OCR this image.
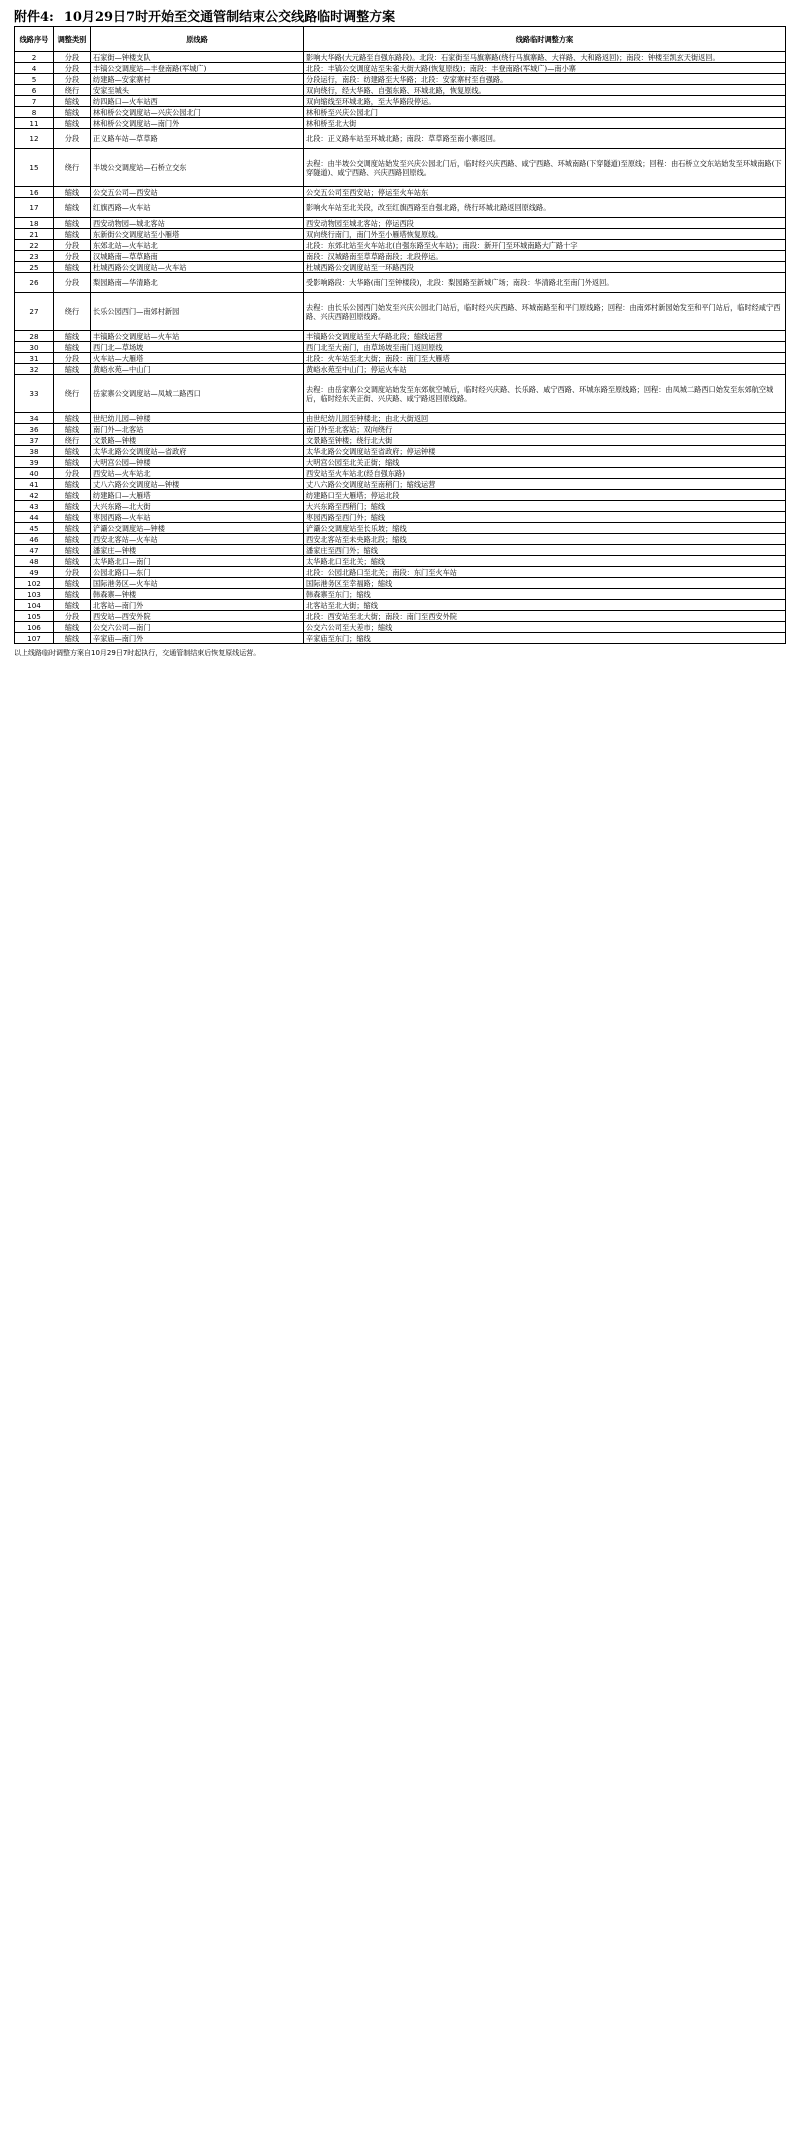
附件4: 10月29日7时开始至交通管制结束公交线路临时调整方案
线路序号	调整类别	原线路	线路临时调整方案
2	分段	石家街—钟楼支队	影响大华路(大元路至自强东路段)。北段：石家街至马旗寨路(绕行马旗寨路、大祥路、大和路返回)；南段：钟楼至凯玄天街返回。
4	分段	丰镐公交调度站—丰登南路(军城广)	北段：丰镐公交调度站至朱雀大街大路(恢复原线)；南段：丰登南路(军城广)—南小寨
5	分段	纺建路—安家寨村	分段运行，南段：纺建路至大华路；北段：安家寨村至自强路。
6	绕行	安家至城头	双向绕行，经大华路、自强东路、环城北路，恢复原线。
7	缩线	纺四路口—火车站西	双向缩线至环城北路，至大华路段停运。
8	缩线	林和桥公交调度站—兴庆公园北门	林和桥至兴庆公园北门
11	缩线	林和桥公交调度站—南门外	林和桥至北大街
12	分段	正义路车站—草草路	北段：正义路车站至环城北路；南段：草草路至南小寨返回。
15	绕行	半坡公交调度站—石桥立交东	去程：由半坡公交调度站始发至兴庆公园北门后，临时经兴庆西路、咸宁西路、环城南路(下穿隧道)至原线；回程：由石桥立交东站始发至环城南路(下穿隧道)、咸宁西路、兴庆西路回原线。
16	缩线	公交五公司—西安站	公交五公司至西安站；停运至火车站东
17	缩线	红旗西路—火车站	影响火车站至北关段，改至红旗西路至自强北路，绕行环城北路返回原线路。
18	缩线	西安动物园—城北客站	西安动物园至城北客站；停运西段
21	缩线	东新街公交调度站至小雁塔	双向绕行南门，南门外至小雁塔恢复原线。
22	分段	东郊北站—火车站北	北段：东郊北站至火车站北(自强东路至火车站)；南段：新开门至环城南路大广路十字
23	分段	汉城路南—草草路南	南段：汉城路南至草草路南段；北段停运。
25	缩线	杜城西路公交调度站—火车站	杜城西路公交调度站至一环路西段
26	分段	梨园路南—华清路北	受影响路段：大华路(南门至钟楼段)，北段：梨园路至新城广场；南段：华清路北至南门外返回。
27	绕行	长乐公园西门—南郊村新园	去程：由长乐公园西门始发至兴庆公园北门站后，临时经兴庆西路、环城南路至和平门原线路；回程：由南郊村新园始发至和平门站后，临时经咸宁西路、兴庆西路回原线路。
28	缩线	丰镐路公交调度站—火车站	丰镐路公交调度站至大华路北段；缩线运营
30	缩线	西门北—草场坡	西门北至大南门，由草场坡至南门返回原线
31	分段	火车站—大雁塔	北段：火车站至北大街；南段：南门至大雁塔
32	缩线	黄峪水苑—中山门	黄峪水苑至中山门；停运火车站
33	绕行	岳家寨公交调度站—凤城二路西口	去程：由岳家寨公交调度站始发至东郊航空城后，临时经兴庆路、长乐路、咸宁西路、环城东路至原线路；回程：由凤城二路西口始发至东郊航空城后，临时经东关正街、兴庆路、咸宁路返回原线路。
34	缩线	世纪幼儿园—钟楼	由世纪幼儿园至钟楼北；由北大街返回
36	缩线	南门外—北客站	南门外至北客站；双向绕行
37	绕行	文景路—钟楼	文景路至钟楼；绕行北大街
38	缩线	太华北路公交调度站—省政府	太华北路公交调度站至省政府；停运钟楼
39	缩线	大明宫公园—钟楼	大明宫公园至北关正街；缩线
40	分段	西安站—火车站北	西安站至火车站北(经自强东路)
41	缩线	丈八六路公交调度站—钟楼	丈八六路公交调度站至南稍门；缩线运营
42	缩线	纺建路口—大雁塔	纺建路口至大雁塔；停运北段
43	缩线	大兴东路—北大街	大兴东路至西稍门；缩线
44	缩线	枣园西路—火车站	枣园西路至西门外；缩线
45	缩线	浐灞公交调度站—钟楼	浐灞公交调度站至长乐坡；缩线
46	缩线	西安北客站—火车站	西安北客站至未央路北段；缩线
47	缩线	潘家庄—钟楼	潘家庄至西门外；缩线
48	缩线	太华路北口—南门	太华路北口至北关；缩线
49	分段	公园北路口—东门	北段：公园北路口至北关；南段：东门至火车站
102	缩线	国际港务区—火车站	国际港务区至幸福路；缩线
103	缩线	韩森寨—钟楼	韩森寨至东门；缩线
104	缩线	北客站—南门外	北客站至北大街；缩线
105	分段	西安站—西安外院	北段：西安站至北大街；南段：南门至西安外院
106	缩线	公交六公司—南门	公交六公司至大差市；缩线
107	缩线	辛家庙—南门外	辛家庙至东门；缩线
以上线路临时调整方案自10月29日7时起执行，交通管制结束后恢复原线运营。
